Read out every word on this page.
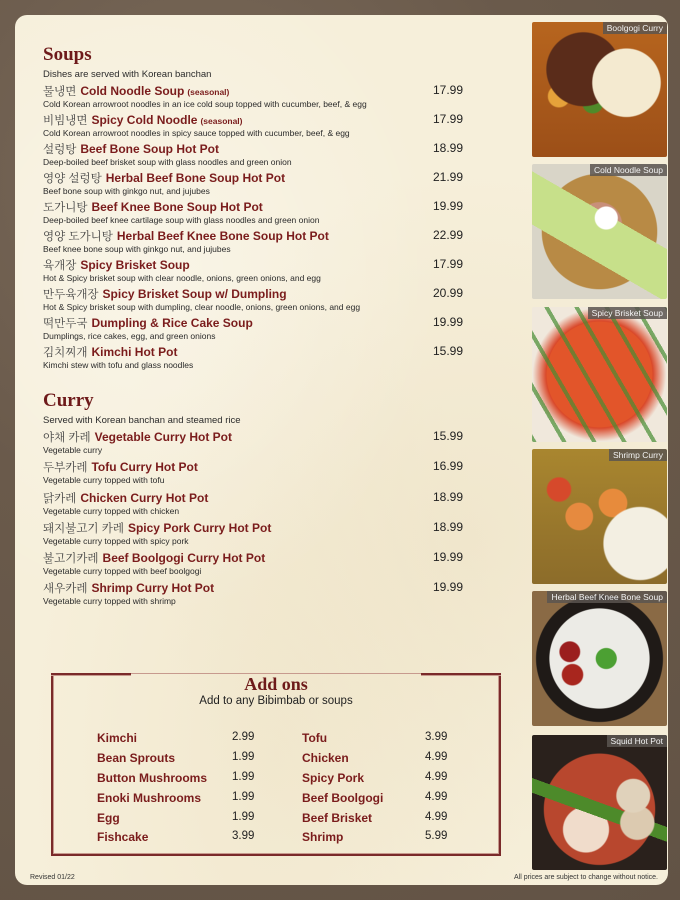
Soups
Dishes are served with Korean banchan
물냉면 Cold Noodle Soup (seasonal)
Cold Korean arrowroot noodles in an ice cold soup topped with cucumber, beef, & egg
17.99
비빔냉면 Spicy Cold Noodle (seasonal)
Cold Korean arrowroot noodles in spicy sauce topped with cucumber, beef, & egg
17.99
설렁탕 Beef Bone Soup Hot Pot
Deep-boiled beef brisket soup with glass noodles and green onion
18.99
영양 설렁탕 Herbal Beef Bone Soup Hot Pot
Beef bone soup with ginkgo nut, and jujubes
21.99
도가니탕 Beef Knee Bone Soup Hot Pot
Deep-boiled beef knee cartilage soup with glass noodles and green onion
19.99
영양 도가니탕 Herbal Beef Knee Bone Soup Hot Pot
Beef knee bone soup with ginkgo nut, and jujubes
22.99
육개장 Spicy Brisket Soup
Hot & Spicy brisket soup with clear noodle, onions, green onions, and egg
17.99
만두육개장 Spicy Brisket Soup w/ Dumpling
Hot & Spicy brisket soup with dumpling, clear noodle, onions, green onions, and egg
20.99
떡만두국 Dumpling & Rice Cake Soup
Dumplings, rice cakes, egg, and green onions
19.99
김치찌개 Kimchi Hot Pot
Kimchi stew with tofu and glass noodles
15.99
Curry
Served with Korean banchan and steamed rice
야채 카레 Vegetable Curry Hot Pot
Vegetable curry
15.99
두부카레 Tofu Curry Hot Pot
Vegetable curry topped with tofu
16.99
닭카레 Chicken Curry Hot Pot
Vegetable curry topped with chicken
18.99
돼지불고기 카레 Spicy Pork Curry Hot Pot
Vegetable curry topped with spicy pork
18.99
불고기카레 Beef Boolgogi Curry Hot Pot
Vegetable curry topped with beef boolgogi
19.99
새우카레 Shrimp Curry Hot Pot
Vegetable curry topped with shrimp
19.99
Add ons
Add to any Bibimbab or soups
Kimchi	2.99
Bean Sprouts	1.99
Button Mushrooms 1.99
Enoki Mushrooms	1.99
Egg	1.99
Fishcake	3.99
Tofu	3.99
Chicken	4.99
Spicy Pork	4.99
Beef Boolgogi	4.99
Beef Brisket	4.99
Shrimp	5.99
Boolgogi Curry
Cold Noodle Soup
Spicy Brisket Soup
Shrimp Curry
Herbal Beef Knee Bone Soup
Squid Hot Pot
Revised 01/22	All prices are subject to change without notice.
